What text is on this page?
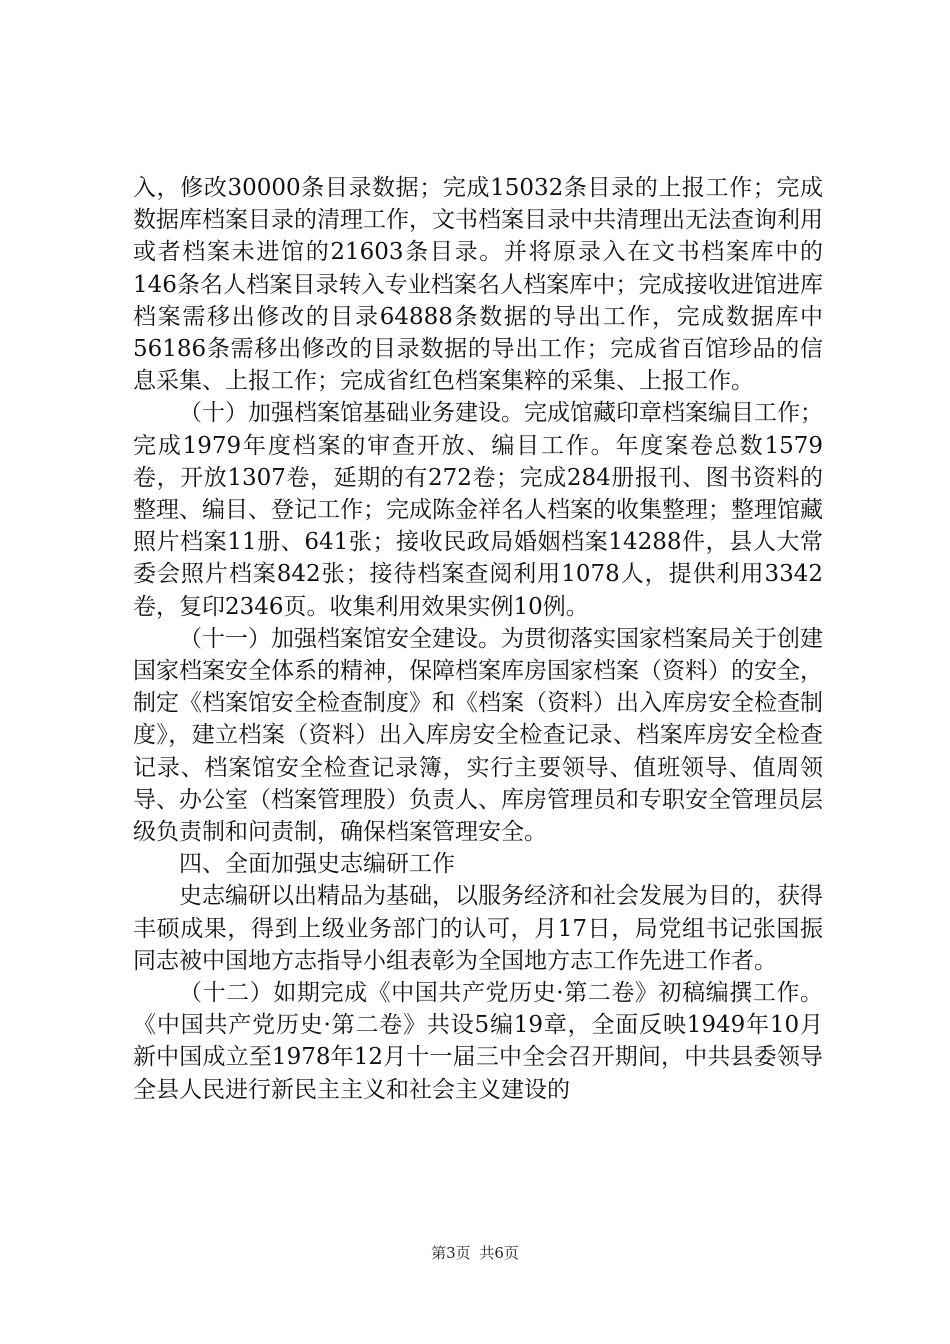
入，修改30000条目录数据；完成15032条目录的上报工作；完成数据库档案目录的清理工作，文书档案目录中共清理出无法查询利用或者档案未进馆的21603条目录。并将原录入在文书档案库中的146条名人档案目录转入专业档案名人档案库中；完成接收进馆进库档案需移出修改的目录64888条数据的导出工作，完成数据库中56186条需移出修改的目录数据的导出工作；完成省百馆珍品的信息采集、上报工作；完成省红色档案集粹的采集、上报工作。

（十）加强档案馆基础业务建设。完成馆藏印章档案编目工作；完成1979年度档案的审查开放、编目工作。年度案卷总数1579卷，开放1307卷，延期的有272卷；完成284册报刊、图书资料的整理、编目、登记工作；完成陈金祥名人档案的收集整理；整理馆藏照片档案11册、641张；接收民政局婚姻档案14288件，县人大常委会照片档案842张；接待档案查阅利用1078人，提供利用3342卷，复印2346页。收集利用效果实例10例。

（十一）加强档案馆安全建设。为贯彻落实国家档案局关于创建国家档案安全体系的精神，保障档案库房国家档案（资料）的安全，制定《档案馆安全检查制度》和《档案（资料）出入库房安全检查制度》，建立档案（资料）出入库房安全检查记录、档案库房安全检查记录、档案馆安全检查记录簿，实行主要领导、值班领导、值周领导、办公室（档案管理股）负责人、库房管理员和专职安全管理员层级负责制和问责制，确保档案管理安全。

四、全面加强史志编研工作

史志编研以出精品为基础，以服务经济和社会发展为目的，获得丰硕成果，得到上级业务部门的认可，月17日，局党组书记张国振同志被中国地方志指导小组表彰为全国地方志工作先进工作者。

（十二）如期完成《中国共产党历史·第二卷》初稿编撰工作。《中国共产党历史·第二卷》共设5编19章，全面反映1949年10月新中国成立至1978年12月十一届三中全会召开期间，中共县委领导全县人民进行新民主主义和社会主义建设的

第3页 共6页
